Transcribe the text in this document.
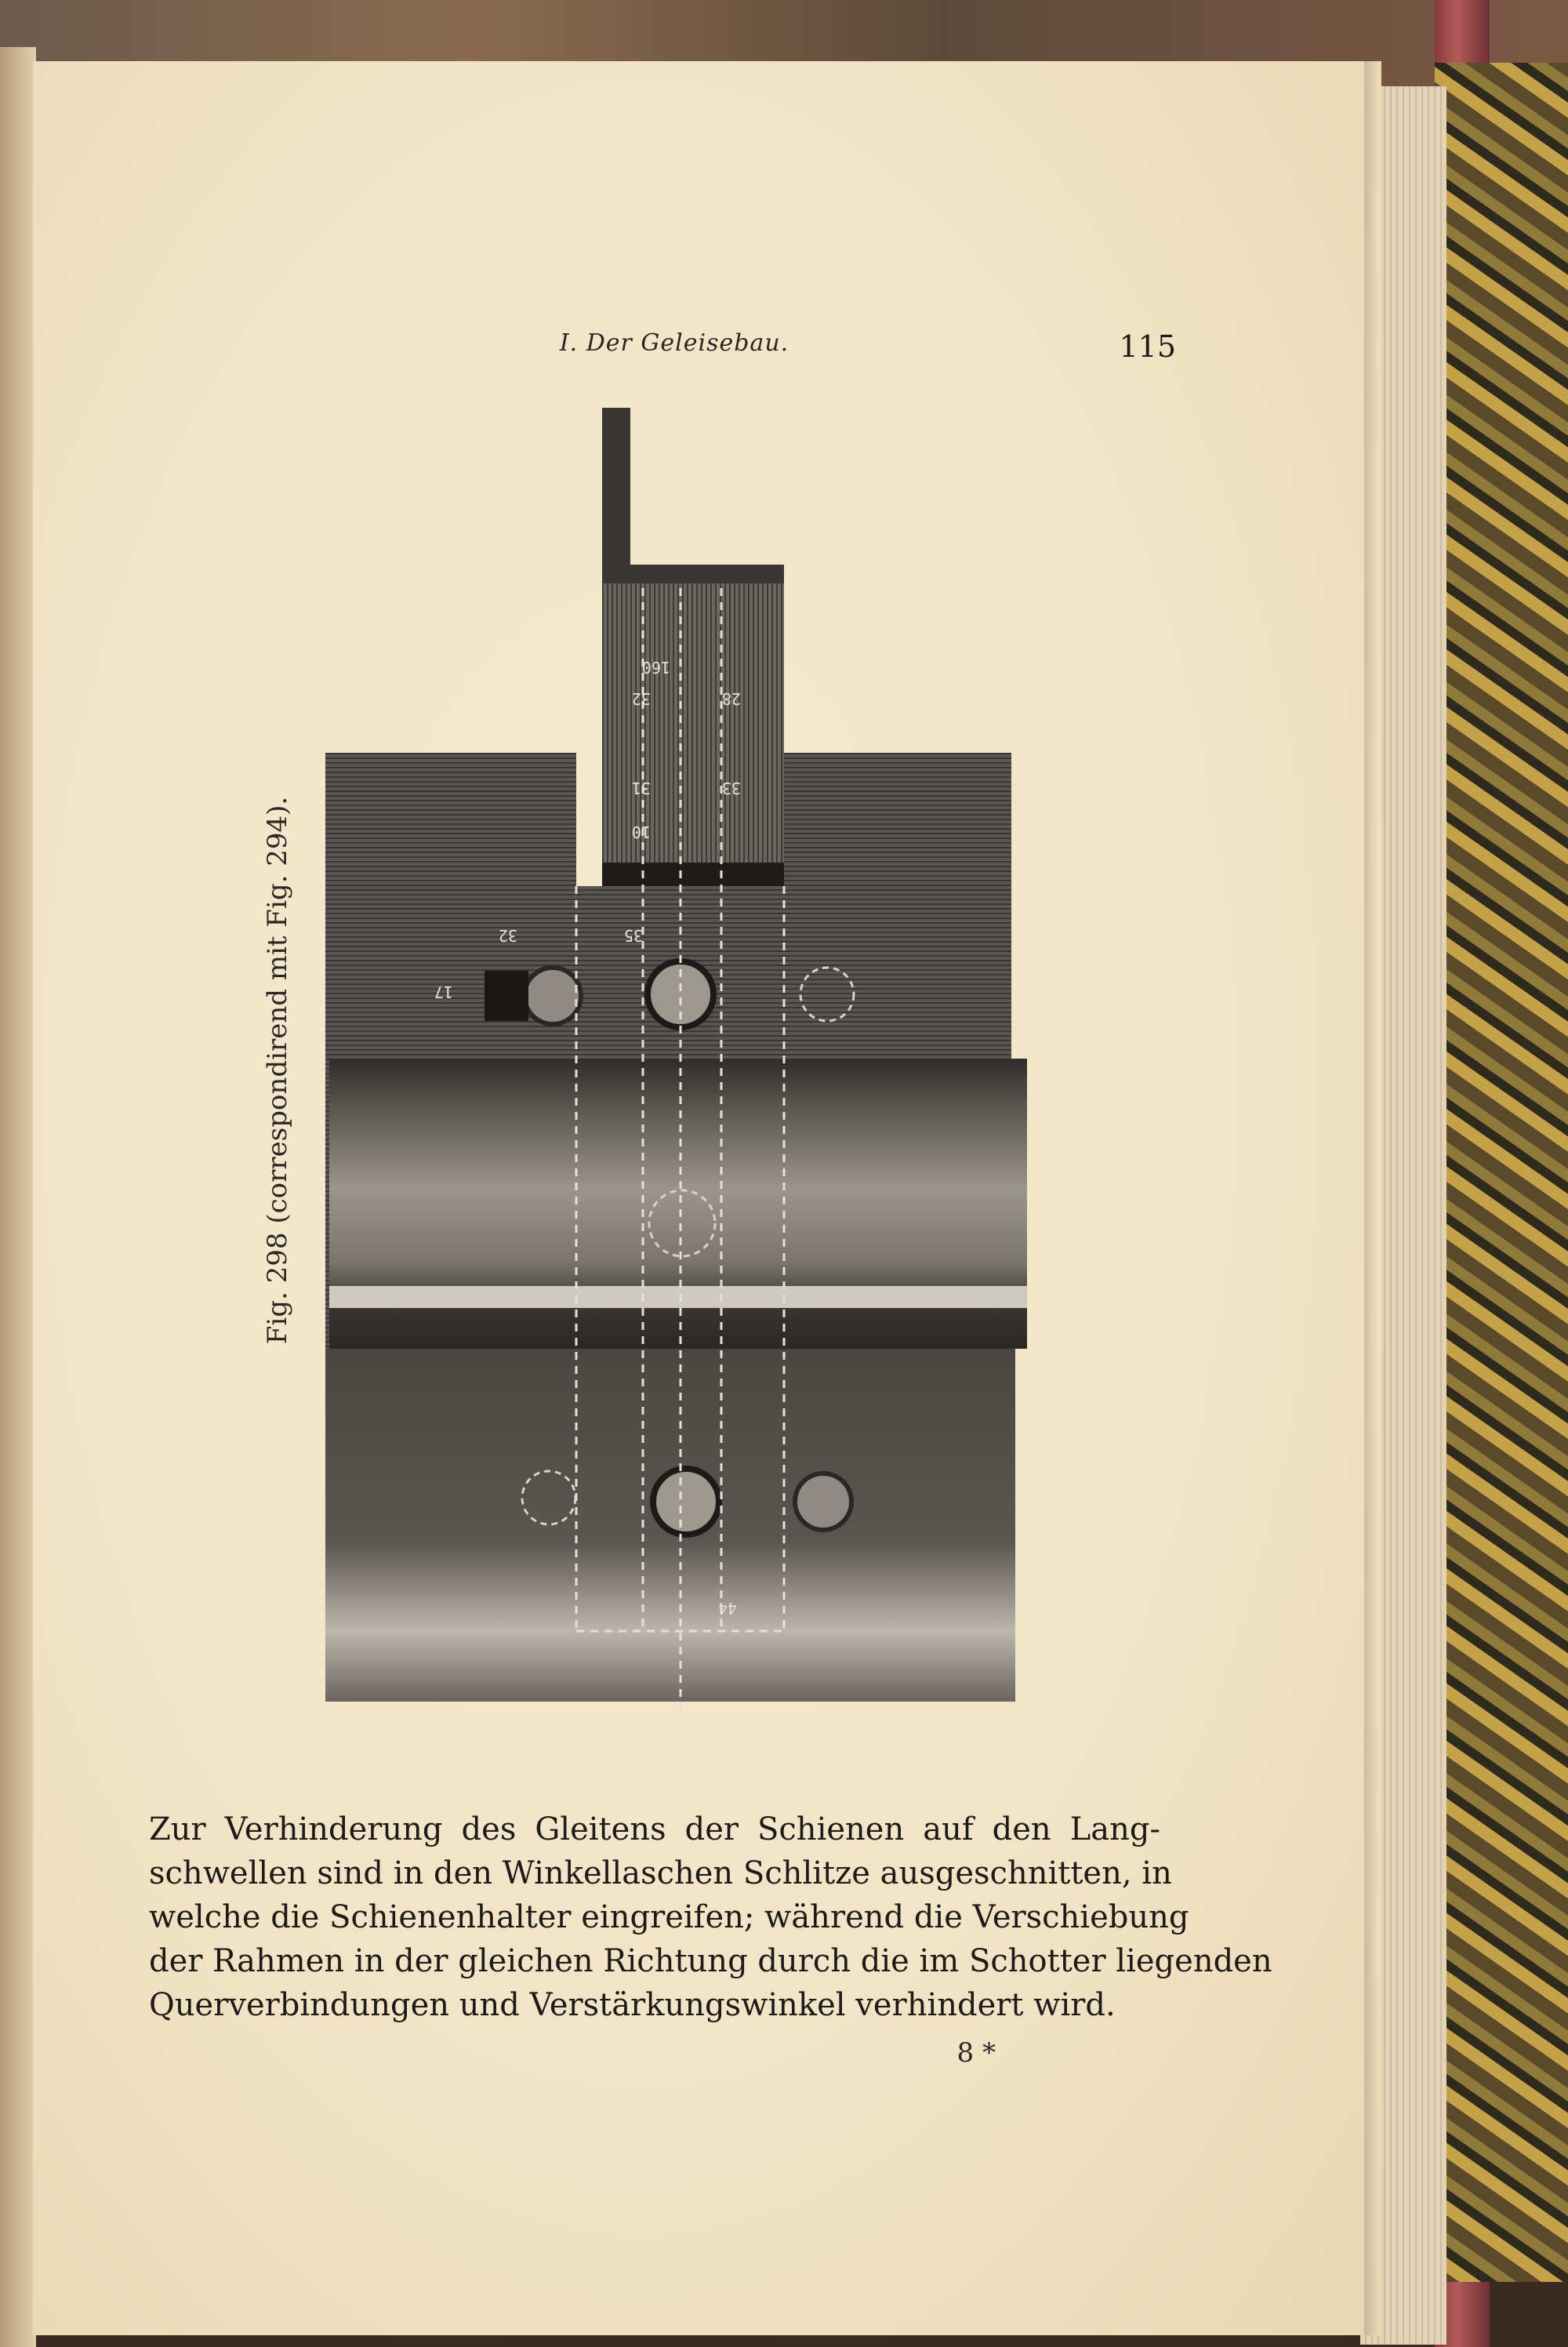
I. Der Geleisebau.	115
Fig. 298 (correspondirend mit Fig. 294).
160
32	28
31	33
10
32	35
17
44
Zur Verhinderung des Gleitens der Schienen auf den Lang-
schwellen sind in den Winkellaschen Schlitze ausgeschnitten, in
welche die Schienenhalter eingreifen; während die Verschiebung
der Rahmen in der gleichen Richtung durch die im Schotter liegenden
Querverbindungen und Verstärkungswinkel verhindert wird.
8 *
